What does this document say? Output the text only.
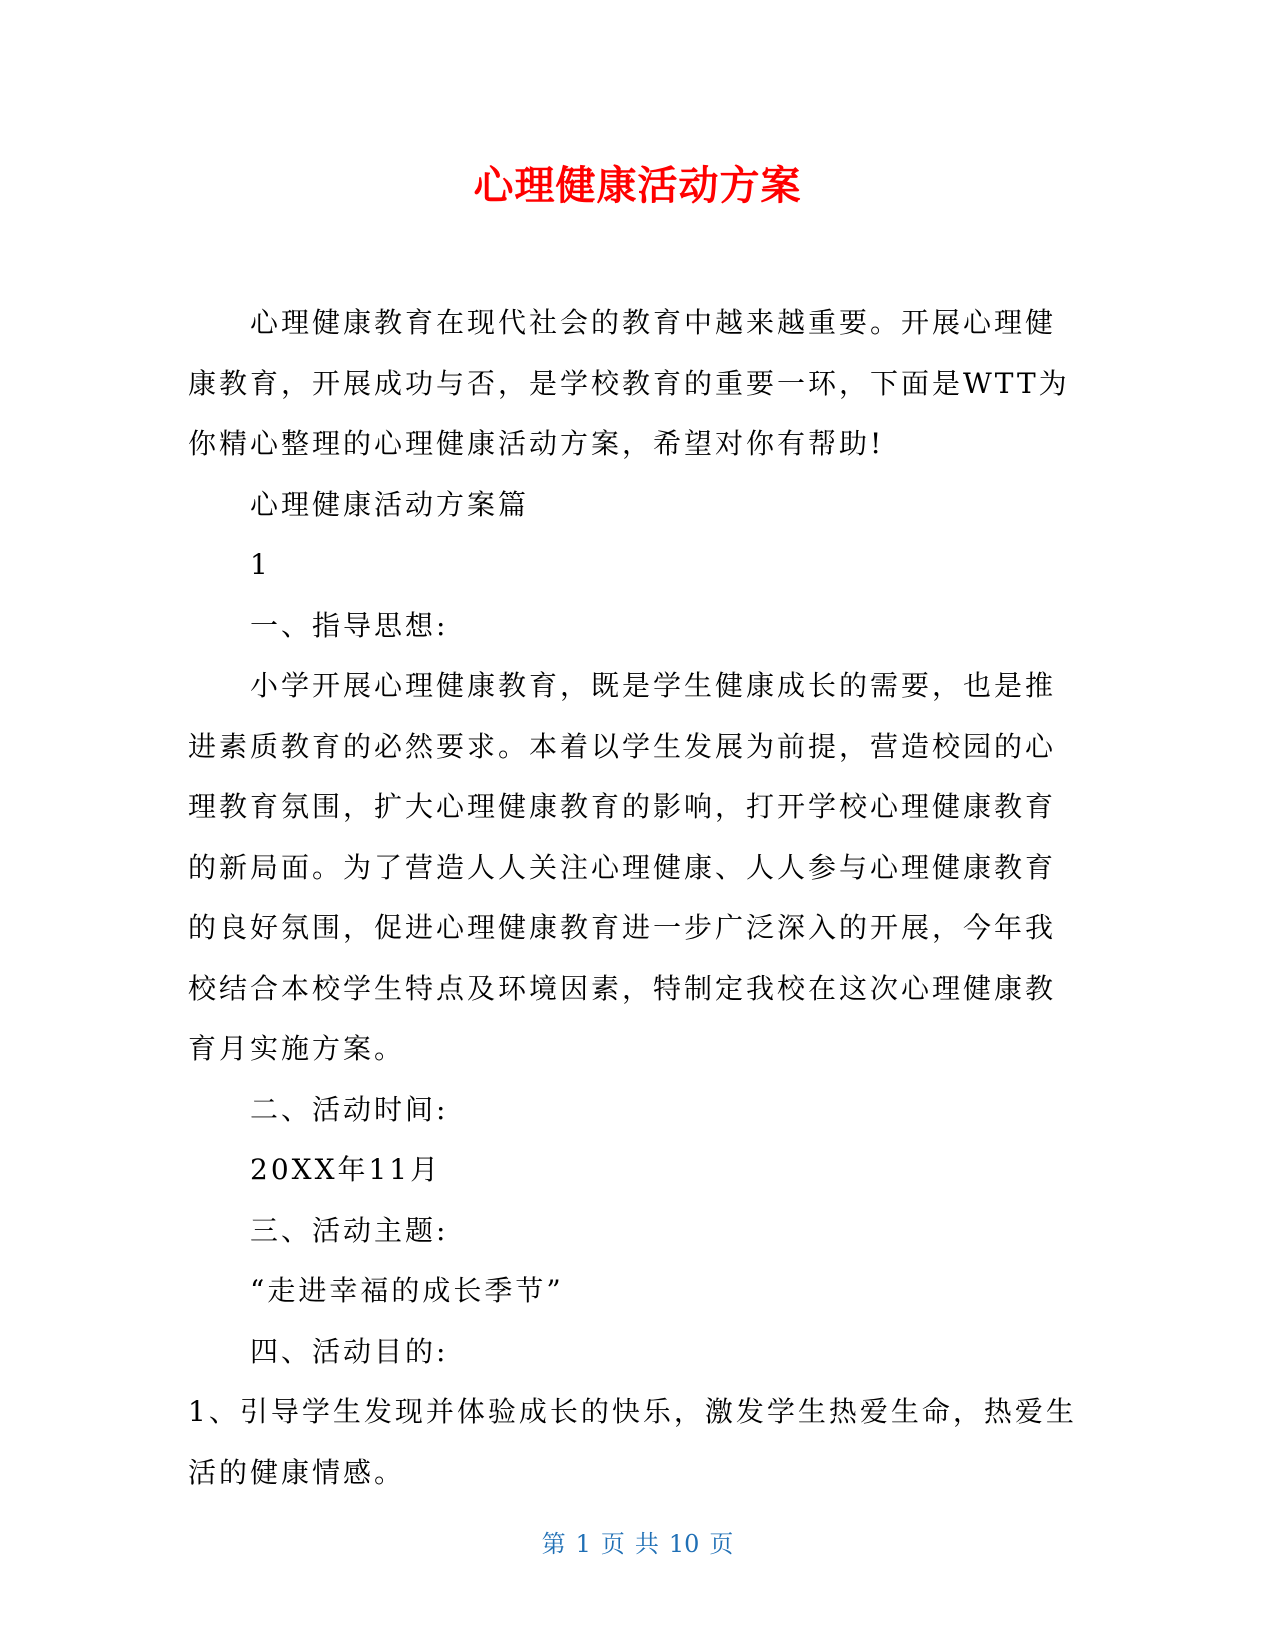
心理健康活动方案

心理健康教育在现代社会的教育中越来越重要。开展心理健康教育，开展成功与否，是学校教育的重要一环，下面是WTT为你精心整理的心理健康活动方案，希望对你有帮助!

心理健康活动方案篇

1

一、指导思想:

小学开展心理健康教育，既是学生健康成长的需要，也是推进素质教育的必然要求。本着以学生发展为前提，营造校园的心理教育氛围，扩大心理健康教育的影响，打开学校心理健康教育的新局面。为了营造人人关注心理健康、人人参与心理健康教育的良好氛围，促进心理健康教育进一步广泛深入的开展，今年我校结合本校学生特点及环境因素，特制定我校在这次心理健康教育月实施方案。

二、活动时间:

20XX年11月

三、活动主题:

“走进幸福的成长季节”

四、活动目的:

1、引导学生发现并体验成长的快乐，激发学生热爱生命，热爱生活的健康情感。

第 1 页 共 10 页
